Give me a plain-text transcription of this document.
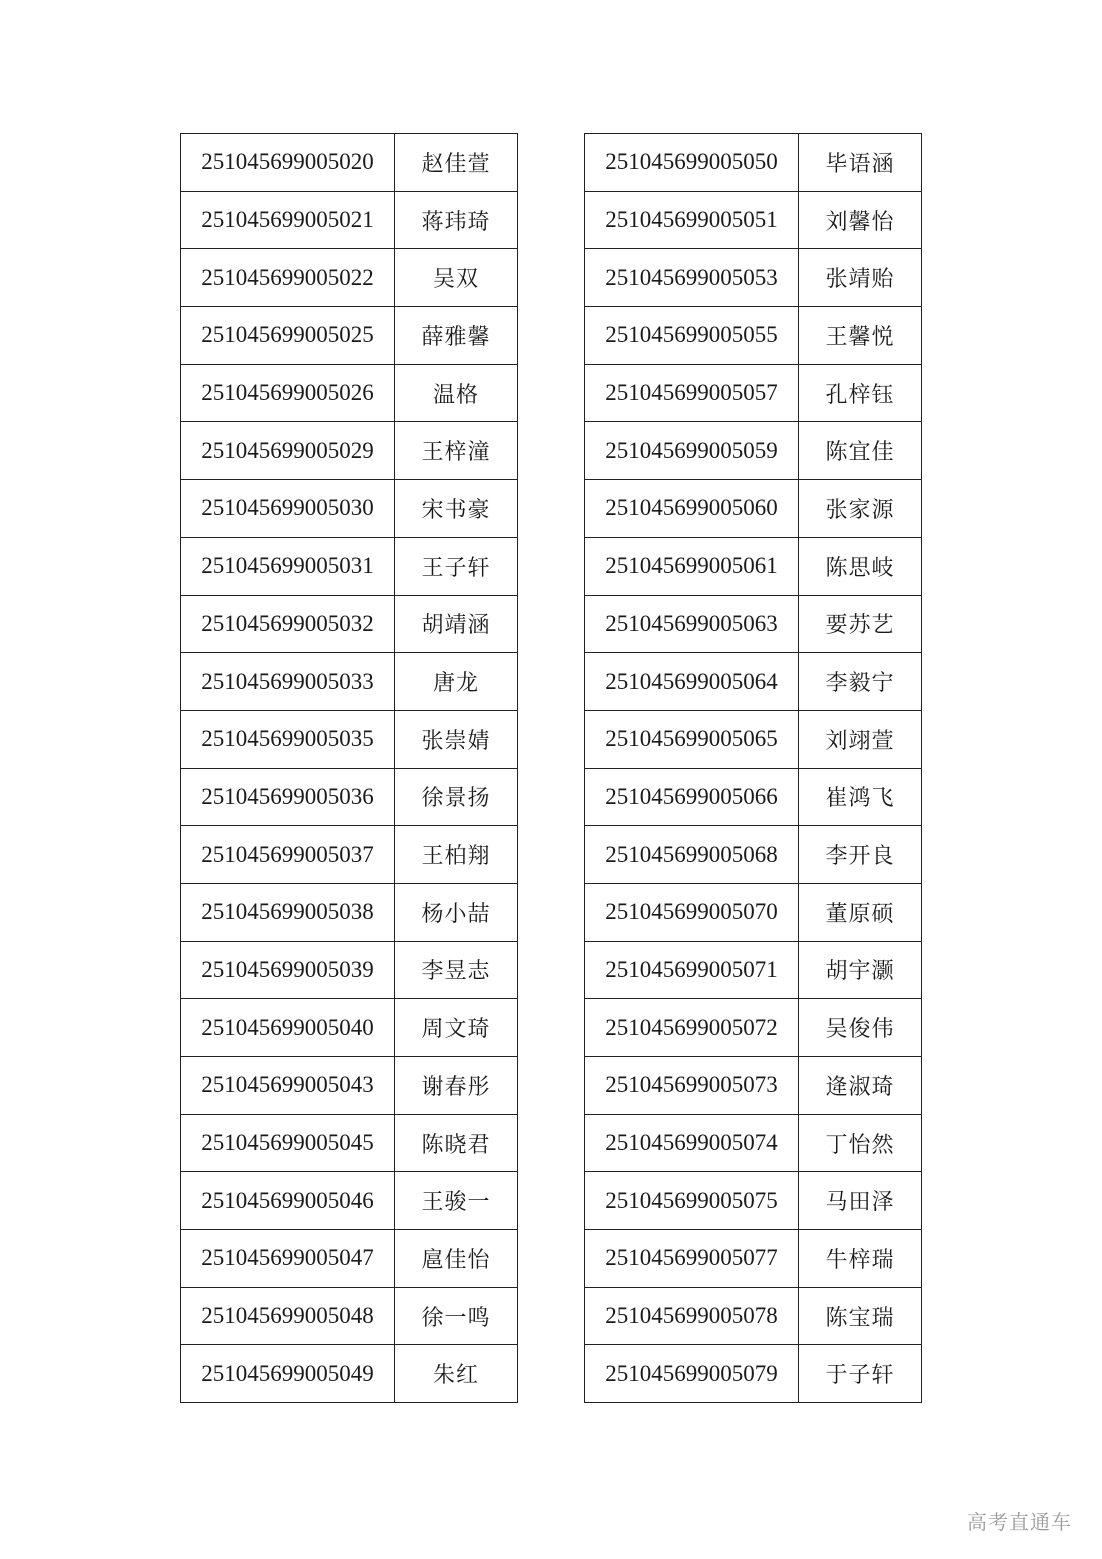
251045699005020	赵佳萱
251045699005021	蒋玮琦
251045699005022	吴双
251045699005025	薛雅馨
251045699005026	温格
251045699005029	王梓潼
251045699005030	宋书豪
251045699005031	王子轩
251045699005032	胡靖涵
251045699005033	唐龙
251045699005035	张崇婧
251045699005036	徐景扬
251045699005037	王柏翔
251045699005038	杨小喆
251045699005039	李昱志
251045699005040	周文琦
251045699005043	谢春彤
251045699005045	陈晓君
251045699005046	王骏一
251045699005047	扈佳怡
251045699005048	徐一鸣
251045699005049	朱红
251045699005050	毕语涵
251045699005051	刘馨怡
251045699005053	张靖贻
251045699005055	王馨悦
251045699005057	孔梓钰
251045699005059	陈宜佳
251045699005060	张家源
251045699005061	陈思岐
251045699005063	要苏艺
251045699005064	李毅宁
251045699005065	刘翊萱
251045699005066	崔鸿飞
251045699005068	李开良
251045699005070	董原硕
251045699005071	胡宇灏
251045699005072	吴俊伟
251045699005073	逄淑琦
251045699005074	丁怡然
251045699005075	马田泽
251045699005077	牛梓瑞
251045699005078	陈宝瑞
251045699005079	于子轩
高考直通车
